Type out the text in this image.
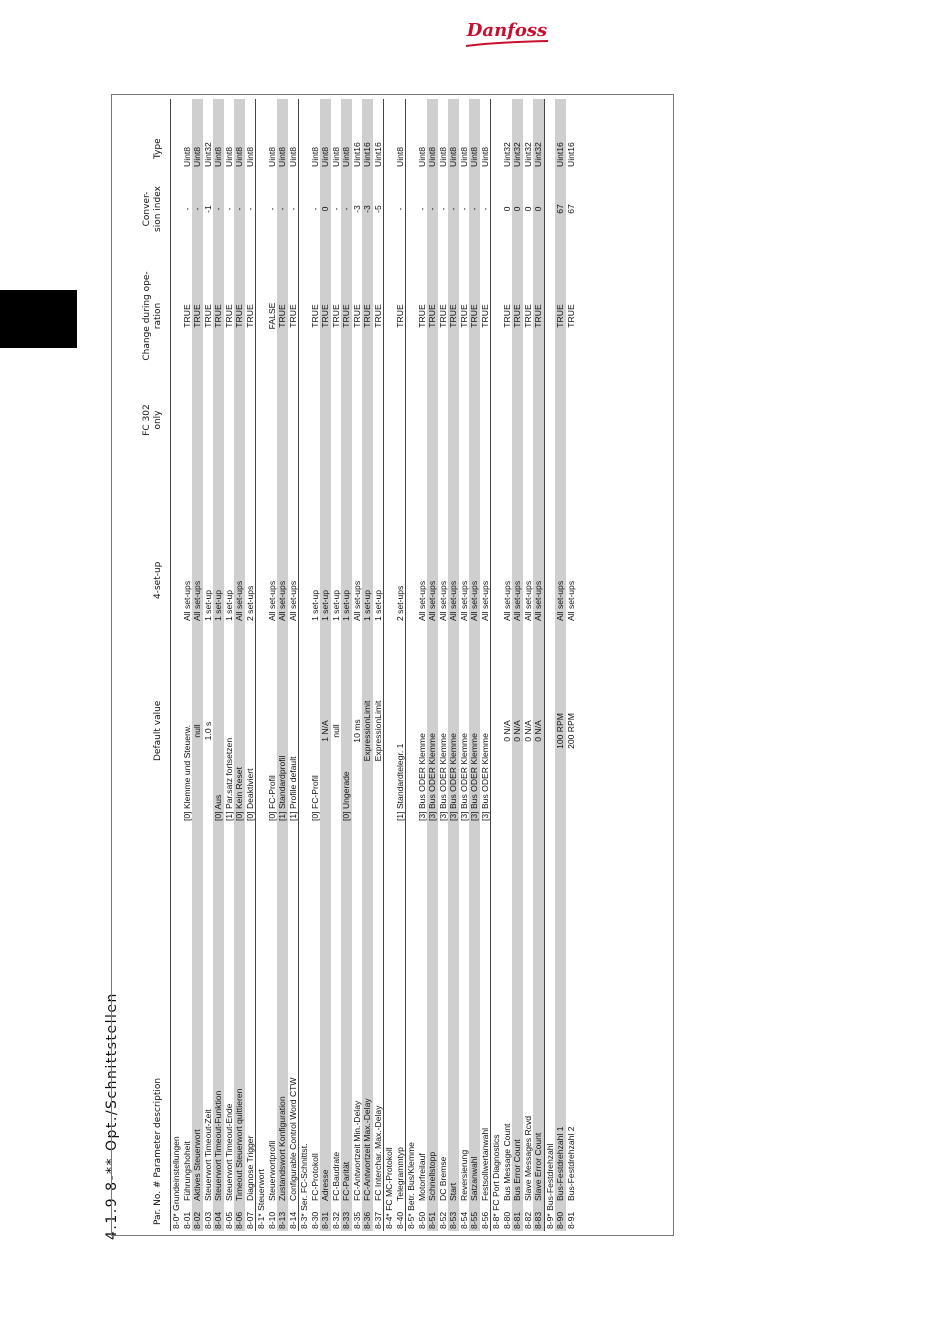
Danfoss
4.1.9 8-** Opt./Schnittstellen	Par. No. # Parameter description
Default value
4-set-up
FC 302 only
Change during ope- ration
Conver- sion index
Type
8-0* Grundeinstellungen 8-01
Führungshoheit
[0] Klemme und Steuerw.
All set-ups
TRUE
-
Uint8
8-02
Aktives Steuerwort
null
All set-ups
TRUE
-
Uint8
8-03
Steuerwort Timeout-Zeit
1.0 s
1 set-up
TRUE
-1
Uint32
8-04
Steuerwort Timeout-Funktion
[0] Aus
1 set-up
TRUE
-
Uint8
8-05
Steuerwort Timeout-Ende
[1] Par.satz fortsetzen
1 set-up
TRUE
-
Uint8
8-06
Timeout Steuerwort quittieren
[0] Kein Reset
All set-ups
TRUE
-
Uint8
8-07
Diagnose Trigger
[0] Deaktiviert
2 set-ups
TRUE
-
Uint8
8-1* Steuerwort 8-10
Steuerwortprofil
[0] FC-Profil
All set-ups
FALSE
-
Uint8
8-13
Zustandswort Konfiguration
[1] Standardprofil
All set-ups
TRUE
-
Uint8
8-14
Configurable Control Word CTW
[1] Profile default
All set-ups
TRUE
-
Uint8
8-3* Ser. FC-Schnittst. 8-30
FC-Protokoll
[0] FC-Profil
1 set-up
TRUE
-
Uint8
8-31
Adresse
1 N/A
1 set-up
TRUE
0
Uint8
8-32
FC-Baudrate
null
1 set-up
TRUE
-
Uint8
8-33
FC-Parität
[0] Ungerade
1 set-up
TRUE
-
Uint8
8-35
FC-Antwortzeit Min.-Delay
10 ms
All set-ups
TRUE
-3
Uint16
8-36
FC-Antwortzeit Max.-Delay
ExpressionLimit
1 set-up
TRUE
-3
Uint16
8-37
FC Interchar. Max.-Delay
ExpressionLimit
1 set-up
TRUE
-5
Uint16
8-4* FC MC-Protokoll 8-40
Telegrammtyp
[1] Standardtelegr. 1
2 set-ups
TRUE
-
Uint8
8-5* Betr. Bus/Klemme 8-50
Motorfreilauf
[3] Bus ODER Klemme
All set-ups
TRUE
-
Uint8
8-51
Schnellstopp
[3] Bus ODER Klemme
All set-ups
TRUE
-
Uint8
8-52
DC Bremse
[3] Bus ODER Klemme
All set-ups
TRUE
-
Uint8
8-53
Start
[3] Bus ODER Klemme
All set-ups
TRUE
-
Uint8
8-54
Reversierung
[3] Bus ODER Klemme
All set-ups
TRUE
-
Uint8
8-55
Satzanwahl
[3] Bus ODER Klemme
All set-ups
TRUE
-
Uint8
8-56
Festsollwertanwahl
[3] Bus ODER Klemme
All set-ups
TRUE
-
Uint8
8-8* FC Port Diagnostics 8-80
Bus Message Count
0 N/A
All set-ups
TRUE
0
Uint32
8-81
Bus Error Count
0 N/A
All set-ups
TRUE
0
Uint32
8-82
Slave Messages Rcvd
0 N/A
All set-ups
TRUE
0
Uint32
8-83
Slave Error Count
0 N/A
All set-ups
TRUE
0
Uint32
8-9* Bus-Festdrehzahl 8-90
Bus-Festdrehzahl 1
100 RPM
All set-ups
TRUE
67
Uint16
8-91
Bus-Festdrehzahl 2
200 RPM
All set-ups
TRUE
67
Uint16
